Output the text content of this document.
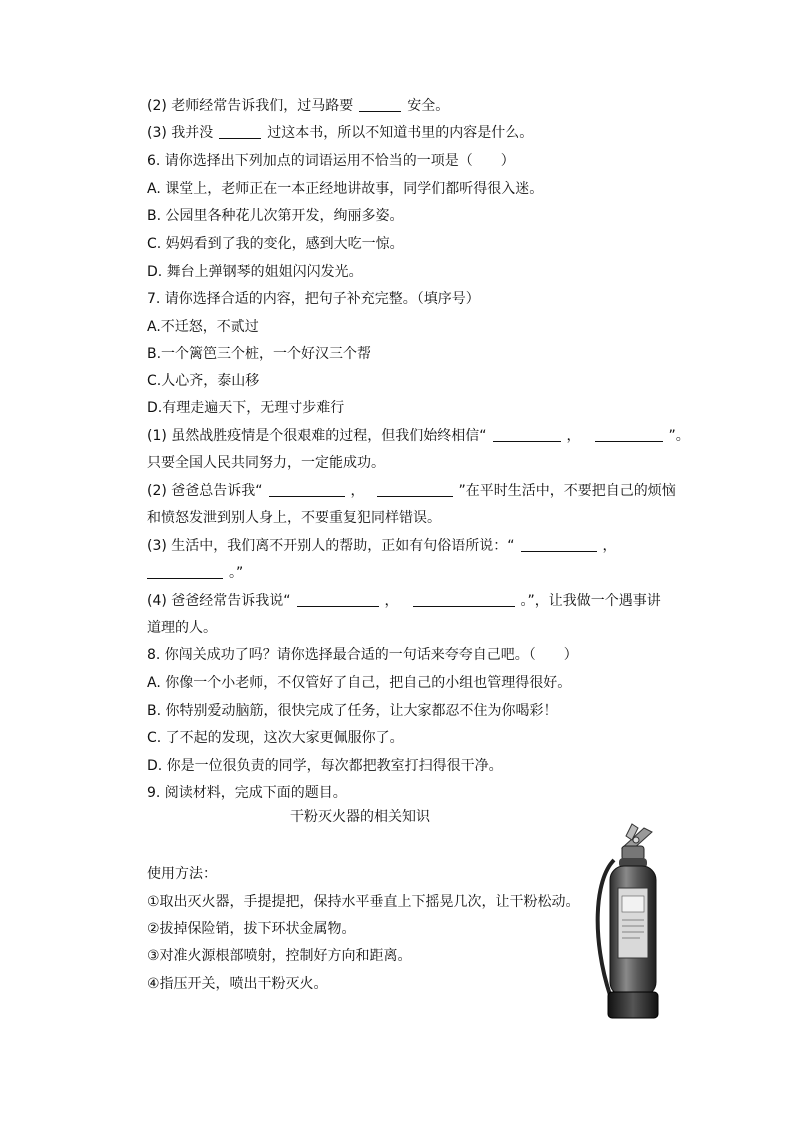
(2) 老师经常告诉我们，过马路要	安全。
(3) 我并没	过这本书，所以不知道书里的内容是什么。
6. 请你选择出下列加点的词语运用不恰当的一项是（　　）
A. 课堂上，老师正在一本正经地讲故事，同学们都听得很入迷。
B. 公园里各种花儿次第开发，绚丽多姿。
C. 妈妈看到了我的变化，感到大吃一惊。
D. 舞台上弹钢琴的姐姐闪闪发光。
7. 请你选择合适的内容，把句子补充完整。（填序号）
A.不迁怒，不贰过
B.一个篱笆三个桩，一个好汉三个帮
C.人心齐，泰山移
D.有理走遍天下，无理寸步难行
(1) 虽然战胜疫情是个很艰难的过程，但我们始终相信“	，	”。
只要全国人民共同努力，一定能成功。
(2) 爸爸总告诉我“	，	”在平时生活中，不要把自己的烦恼
和愤怒发泄到别人身上，不要重复犯同样错误。
(3) 生活中，我们离不开别人的帮助，正如有句俗语所说：“	，
。”
(4) 爸爸经常告诉我说“	，	。”，让我做一个遇事讲
道理的人。
8. 你闯关成功了吗？请你选择最合适的一句话来夸夸自己吧。（　　）
A. 你像一个小老师，不仅管好了自己，把自己的小组也管理得很好。
B. 你特别爱动脑筋，很快完成了任务，让大家都忍不住为你喝彩！
C. 了不起的发现，这次大家更佩服你了。
D. 你是一位很负责的同学，每次都把教室打扫得很干净。
9. 阅读材料，完成下面的题目。
干粉灭火器的相关知识
使用方法：
①取出灭火器，手提提把，保持水平垂直上下摇晃几次，让干粉松动。
②拔掉保险销，拔下环状金属物。
③对准火源根部喷射，控制好方向和距离。
④指压开关，喷出干粉灭火。
